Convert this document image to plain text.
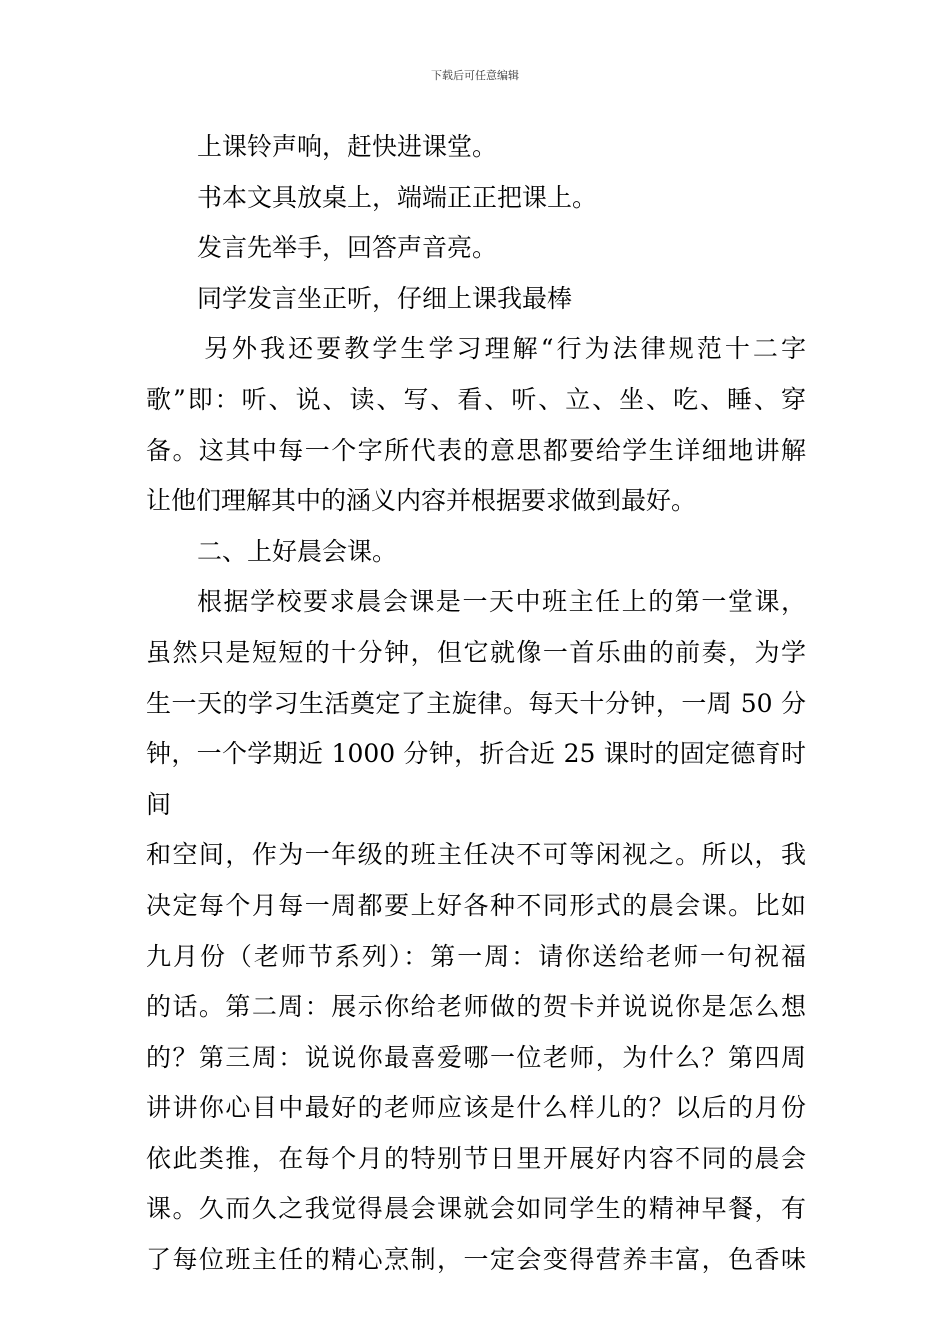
下载后可任意编辑

上课铃声响，赶快进课堂。

书本文具放桌上，端端正正把课上。

发言先举手，回答声音亮。

同学发言坐正听，仔细上课我最棒

另外我还要教学生学习理解“行为法律规范十二字

歌”即：听、说、读、写、看、听、立、坐、吃、睡、穿

备。这其中每一个字所代表的意思都要给学生详细地讲解

让他们理解其中的涵义内容并根据要求做到最好。

二、上好晨会课。

根据学校要求晨会课是一天中班主任上的第一堂课，

虽然只是短短的十分钟，但它就像一首乐曲的前奏，为学

生一天的学习生活奠定了主旋律。每天十分钟，一周 50 分

钟，一个学期近 1000 分钟，折合近 25 课时的固定德育时间

和空间，作为一年级的班主任决不可等闲视之。所以，我

决定每个月每一周都要上好各种不同形式的晨会课。比如

九月份（老师节系列）：第一周：请你送给老师一句祝福

的话。第二周：展示你给老师做的贺卡并说说你是怎么想

的？第三周：说说你最喜爱哪一位老师，为什么？第四周

讲讲你心目中最好的老师应该是什么样儿的？以后的月份

依此类推，在每个月的特别节日里开展好内容不同的晨会

课。久而久之我觉得晨会课就会如同学生的精神早餐，有

了每位班主任的精心烹制，一定会变得营养丰富，色香味
